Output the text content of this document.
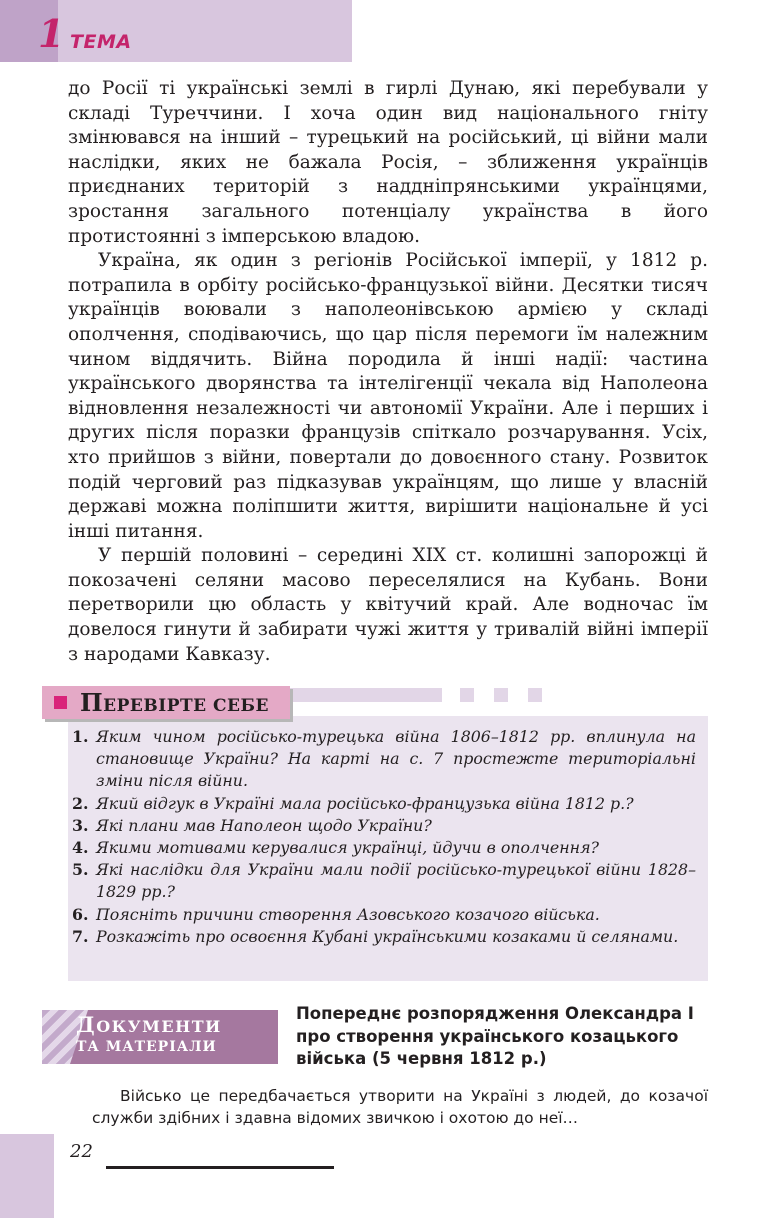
1 ТЕМА

до Росії ті українські землі в гирлі Дунаю, які перебували у складі Туреччини. І хоча один вид національного гніту змінювався на інший – турецький на російський, ці війни мали наслідки, яких не бажала Росія, – зближення українців приєднаних територій з наддніпрянськими українцями, зростання загального потенціалу українства в його протистоянні з імперською владою.

Україна, як один з регіонів Російської імперії, у 1812 р. потрапила в орбіту російсько-французької війни. Десятки тисяч українців воювали з наполеонівською армією у складі ополчення, сподіваючись, що цар після перемоги їм належним чином віддячить. Війна породила й інші надії: частина українського дворянства та інтелігенції чекала від Наполеона відновлення незалежності чи автономії України. Але і перших і других після поразки французів спіткало розчарування. Усіх, хто прийшов з війни, повертали до довоєнного стану. Розвиток подій черговий раз підказував українцям, що лише у власній державі можна поліпшити життя, вирішити національне й усі інші питання.

У першій половині – середині XIX ст. колишні запорожці й покозачені селяни масово переселялися на Кубань. Вони перетворили цю область у квітучий край. Але водночас їм довелося гинути й забирати чужі життя у тривалій війні імперії з народами Кавказу.

ПЕРЕВІРТЕ СЕБЕ
1. Яким чином російсько-турецька війна 1806–1812 рр. вплинула на становище України? На карті на с. 7 простежте територіальні зміни після війни.
2. Який відгук в Україні мала російсько-французька війна 1812 р.?
3. Які плани мав Наполеон щодо України?
4. Якими мотивами керувалися українці, йдучи в ополчення?
5. Які наслідки для України мали події російсько-турецької війни 1828–1829 рр.?
6. Поясніть причини створення Азовського козачого війська.
7. Розкажіть про освоєння Кубані українськими козаками й селянами.
ДОКУМЕНТИ
ТА МАТЕРІАЛИ
Попереднє розпорядження Олександра І про створення українського козацького війська (5 червня 1812 р.)

Військо це передбачається утворити на Україні з людей, до козачої служби здібних і здавна відомих звичкою і охотою до неї…

22
